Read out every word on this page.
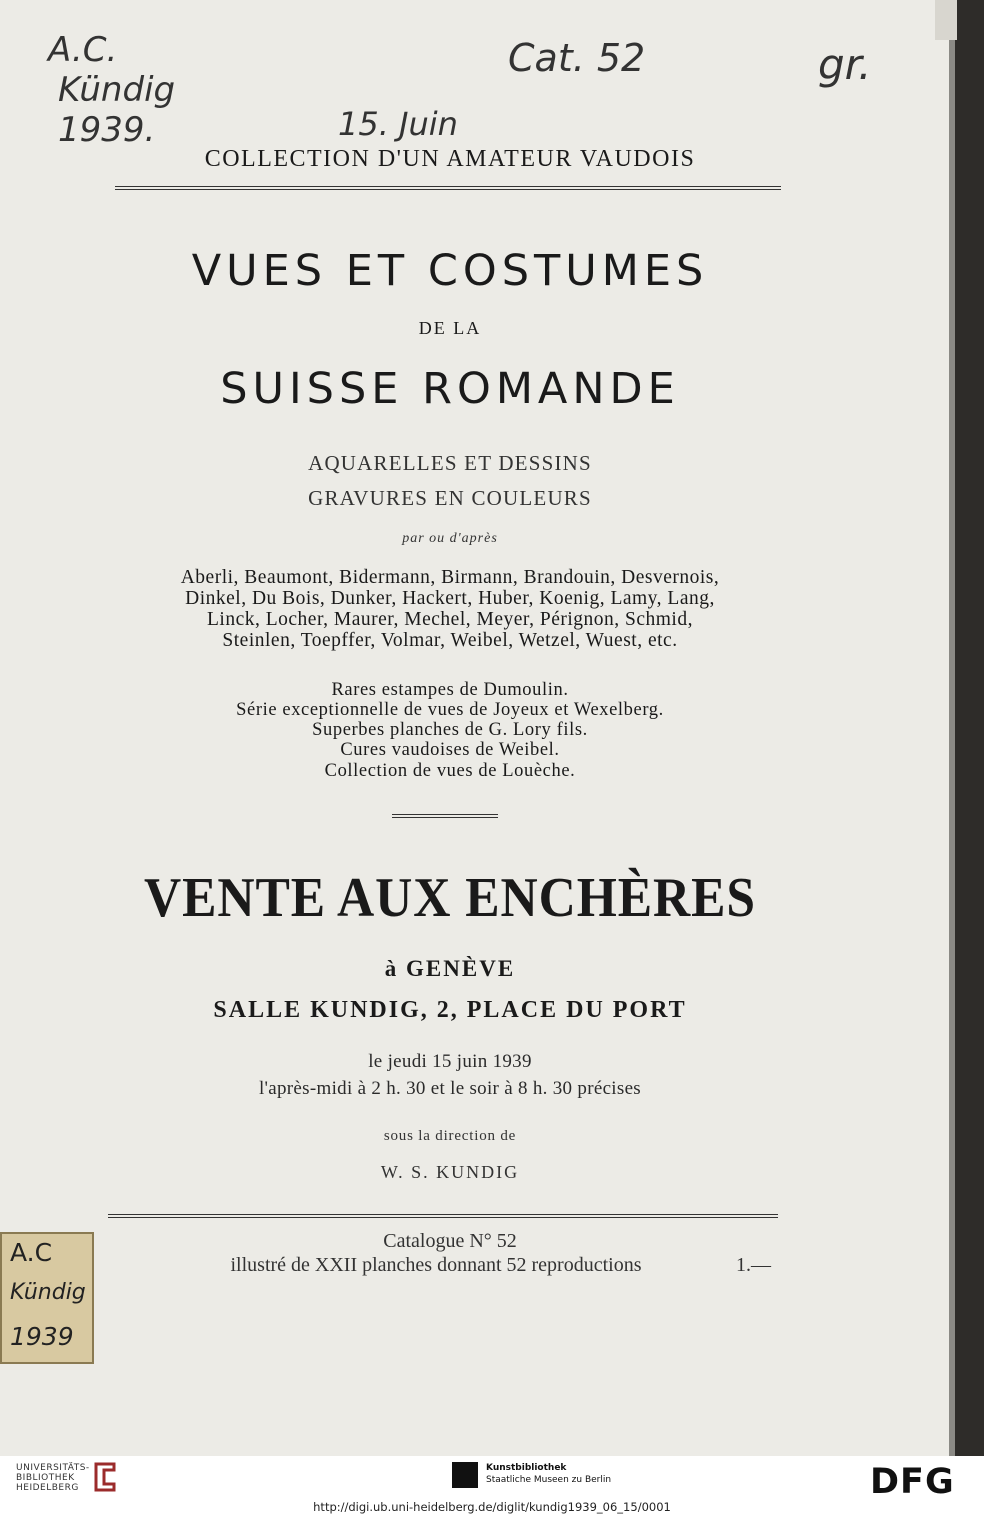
A.C.
Kündig
1939.
Cat. 52
15. Juin
gr.
COLLECTION D'UN AMATEUR VAUDOIS
VUES ET COSTUMES
DE LA
SUISSE ROMANDE
AQUARELLES ET DESSINS
GRAVURES EN COULEURS
par ou d'après
Aberli, Beaumont, Bidermann, Birmann, Brandouin, Desvernois,
Dinkel, Du Bois, Dunker, Hackert, Huber, Koenig, Lamy, Lang,
Linck, Locher, Maurer, Mechel, Meyer, Pérignon, Schmid,
Steinlen, Toepffer, Volmar, Weibel, Wetzel, Wuest, etc.
Rares estampes de Dumoulin.
Série exceptionnelle de vues de Joyeux et Wexelberg.
Superbes planches de G. Lory fils.
Cures vaudoises de Weibel.
Collection de vues de Louèche.
VENTE AUX ENCHÈRES
à GENÈVE
SALLE KUNDIG, 2, PLACE DU PORT
le jeudi 15 juin 1939
l'après-midi à 2 h. 30 et le soir à 8 h. 30 précises
sous la direction de
W. S. KUNDIG
Catalogue N° 52
illustré de XXII planches donnant 52 reproductions	1.—
A.C
Kündig
1939
UNIVERSITÄTS-
BIBLIOTHEK
HEIDELBERG
Kunstbibliothek
Staatliche Museen zu Berlin	DFG
http://digi.ub.uni-heidelberg.de/diglit/kundig1939_06_15/0001
